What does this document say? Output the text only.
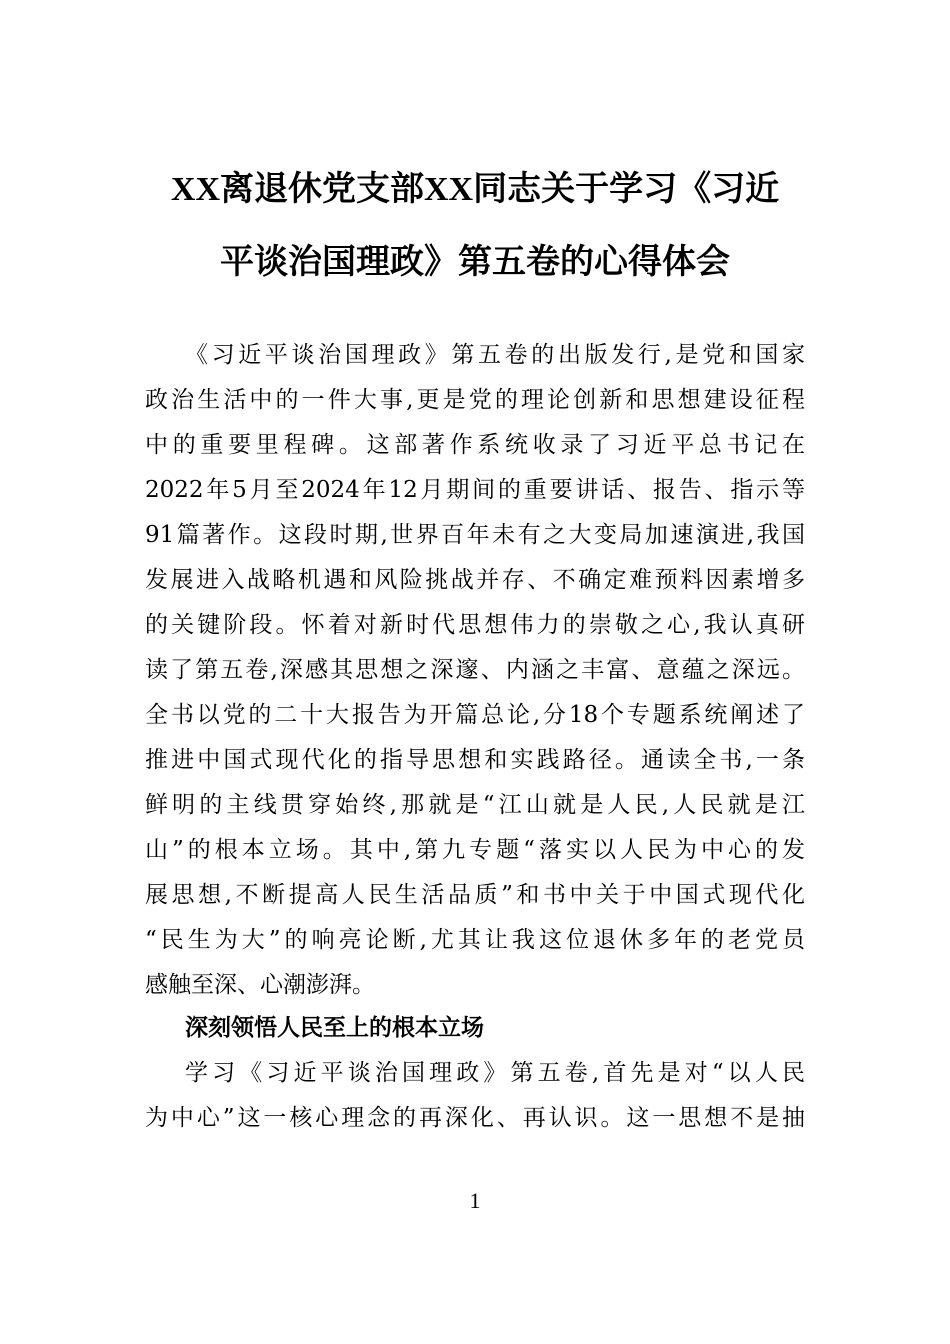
XX离退休党支部XX同志关于学习《习近
平谈治国理政》第五卷的心得体会
《习近平谈治国理政》第五卷的出版发行,是党和国家
政治生活中的一件大事,更是党的理论创新和思想建设征程
中的重要里程碑。这部著作系统收录了习近平总书记在
2022年5月至2024年12月期间的重要讲话、报告、指示等
91篇著作。这段时期,世界百年未有之大变局加速演进,我国
发展进入战略机遇和风险挑战并存、不确定难预料因素增多
的关键阶段。怀着对新时代思想伟力的崇敬之心,我认真研
读了第五卷,深感其思想之深邃、内涵之丰富、意蕴之深远。
全书以党的二十大报告为开篇总论,分18个专题系统阐述了
推进中国式现代化的指导思想和实践路径。通读全书,一条
鲜明的主线贯穿始终,那就是“江山就是人民,人民就是江
山”的根本立场。其中,第九专题“落实以人民为中心的发
展思想,不断提高人民生活品质”和书中关于中国式现代化
“民生为大”的响亮论断,尤其让我这位退休多年的老党员
感触至深、心潮澎湃。
深刻领悟人民至上的根本立场
学习《习近平谈治国理政》第五卷,首先是对“以人民
为中心”这一核心理念的再深化、再认识。这一思想不是抽
1
